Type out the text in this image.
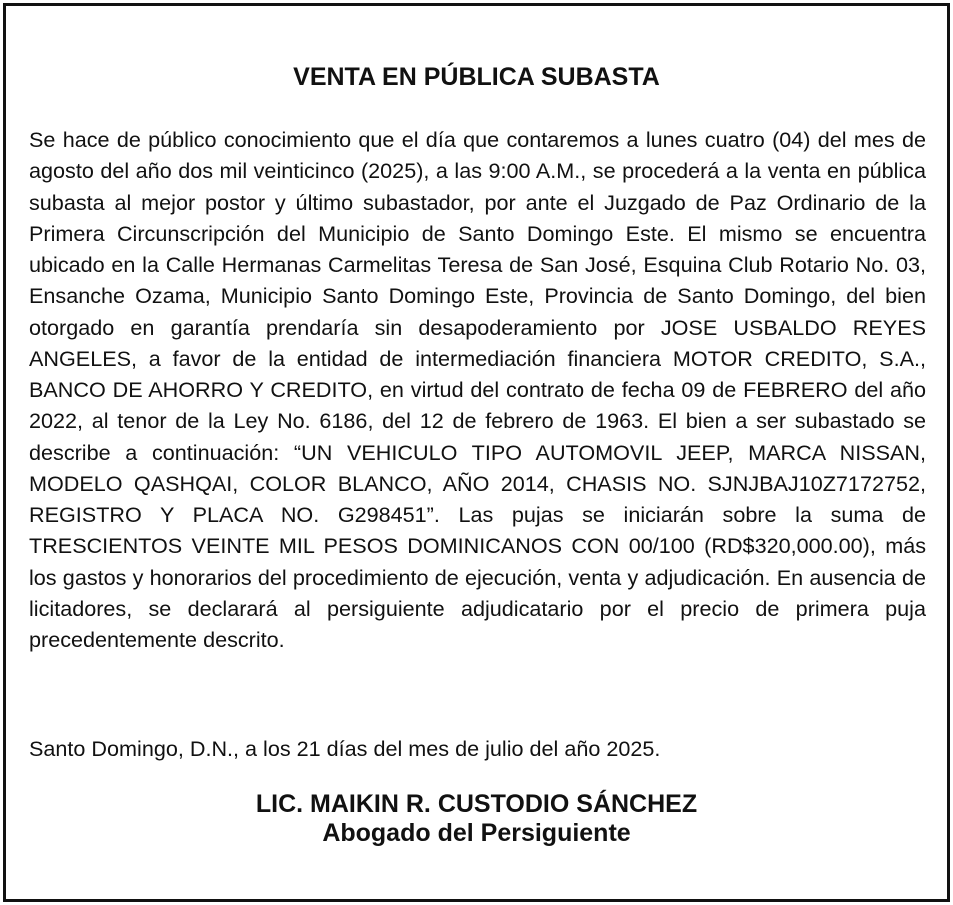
VENTA EN PÚBLICA SUBASTA

Se hace de público conocimiento que el día que contaremos a lunes cuatro (04) del mes de agosto del año dos mil veinticinco (2025), a las 9:00 A.M., se procederá a la venta en pública subasta al mejor postor y último subastador, por ante el Juzgado de Paz Ordinario de la Primera Circunscripción del Municipio de Santo Domingo Este. El mismo se encuentra ubicado en la Calle Hermanas Carmelitas Teresa de San José, Esquina Club Rotario No. 03, Ensanche Ozama, Municipio Santo Domingo Este, Provincia de Santo Domingo, del bien otorgado en garantía prendaría sin desapoderamiento por JOSE USBALDO REYES ANGELES, a favor de la entidad de intermediación financiera MOTOR CREDITO, S.A., BANCO DE AHORRO Y CREDITO, en virtud del contrato de fecha 09 de FEBRERO del año 2022, al tenor de la Ley No. 6186, del 12 de febrero de 1963. El bien a ser subastado se describe a continuación: “UN VEHICULO TIPO AUTOMOVIL JEEP, MARCA NISSAN, MODELO QASHQAI, COLOR BLANCO, AÑO 2014, CHASIS NO. SJNJBAJ10Z7172752, REGISTRO Y PLACA NO. G298451”. Las pujas se iniciarán sobre la suma de TRESCIENTOS VEINTE MIL PESOS DOMINICANOS CON 00/100 (RD$320,000.00), más los gastos y honorarios del procedimiento de ejecución, venta y adjudicación. En ausencia de licitadores, se declarará al persiguiente adjudicatario por el precio de primera puja precedentemente descrito.

Santo Domingo, D.N., a los 21 días del mes de julio del año 2025.

LIC. MAIKIN R. CUSTODIO SÁNCHEZ

Abogado del Persiguiente
